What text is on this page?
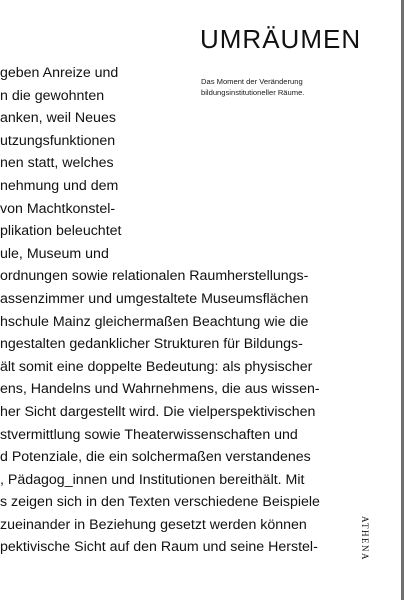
UMRÄUMEN
Das Moment der Veränderung
bildungsinstitutioneller Räume.
geben Anreize und
n die gewohnten
anken, weil Neues
utzungsfunktionen
nen statt, welches
nehmung und dem
von Machtkonstel-
plikation beleuchtet
ule, Museum und
ordnungen sowie relationalen Raumherstellungs-
assenzimmer und umgestaltete Museumsflächen
hschule Mainz gleichermaßen Beachtung wie die
ngestalten gedanklicher Strukturen für Bildungs-
ält somit eine doppelte Bedeutung: als physischer
ens, Handelns und Wahrnehmens, die aus wissen-
her Sicht dargestellt wird. Die vielperspektivischen
stvermittlung sowie Theaterwissenschaften und
d Potenziale, die ein solchermaßen verstandenes
, Pädagog_innen und Institutionen bereithält. Mit
s zeigen sich in den Texten verschiedene Beispiele
zueinander in Beziehung gesetzt werden können
pektivische Sicht auf den Raum und seine Herstel-	ATHENA
